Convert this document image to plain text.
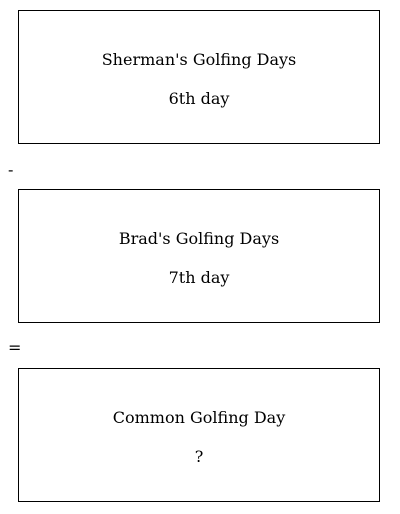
Sherman's Golfing Days
6th day
-
Brad's Golfing Days
7th day
=
Common Golfing Day
?
